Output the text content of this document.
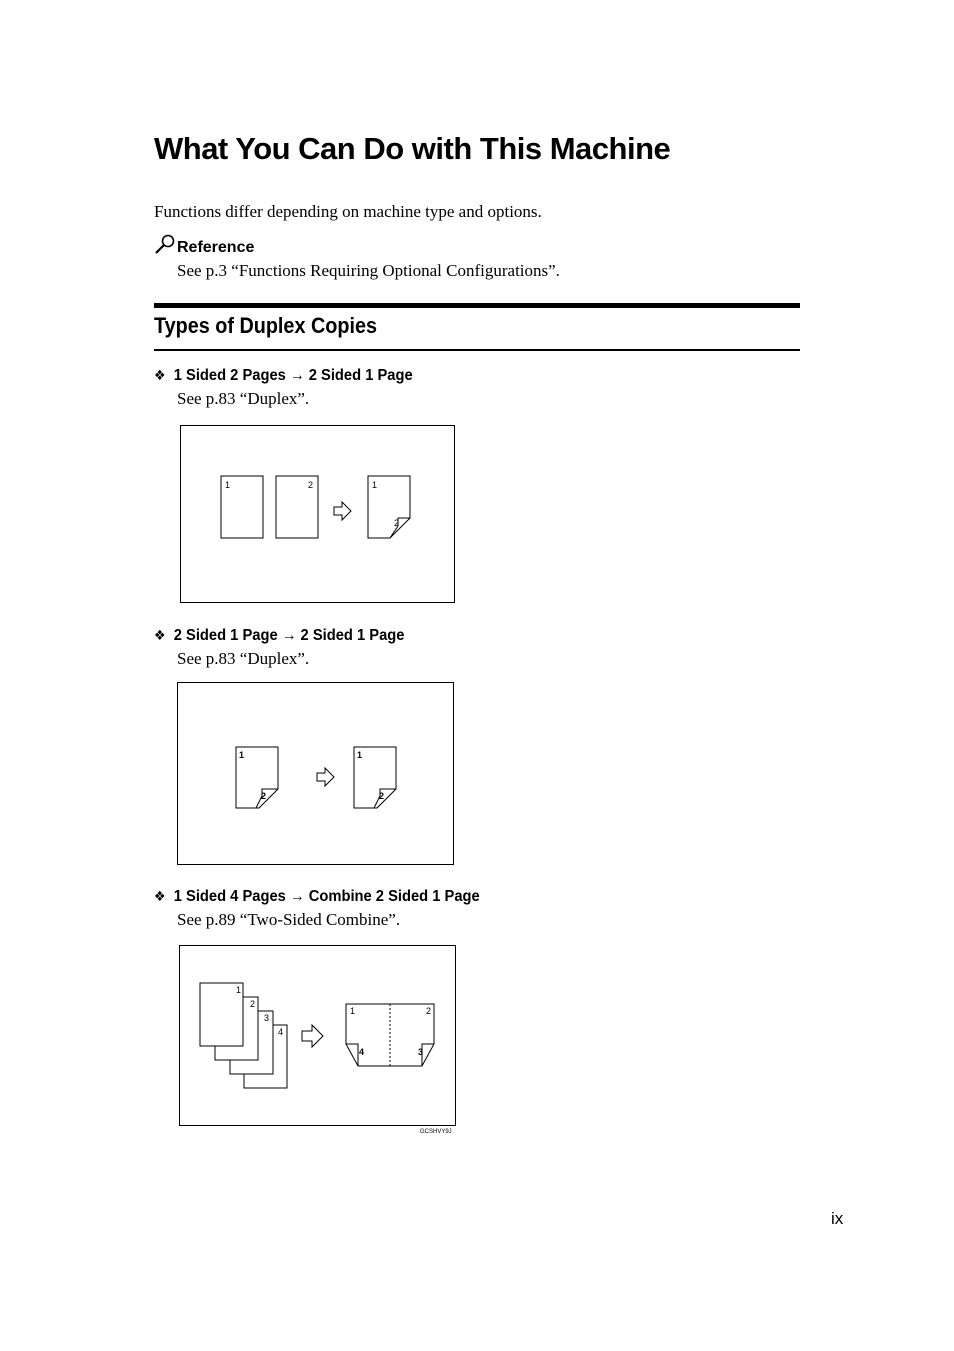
What You Can Do with This Machine
Functions differ depending on machine type and options.
Reference
See p.3 “Functions Requiring Optional Configurations”.
Types of Duplex Copies
❖ 1 Sided 2 Pages → 2 Sided 1 Page
See p.83 “Duplex”.
1	2	1
2
❖ 2 Sided 1 Page → 2 Sided 1 Page
See p.83 “Duplex”.
1
2
1
2
❖ 1 Sided 4 Pages → Combine 2 Sided 1 Page
See p.89 “Two-Sided Combine”.
4
3
2
1
1	2
4	3
GCSHVY9J
ix
